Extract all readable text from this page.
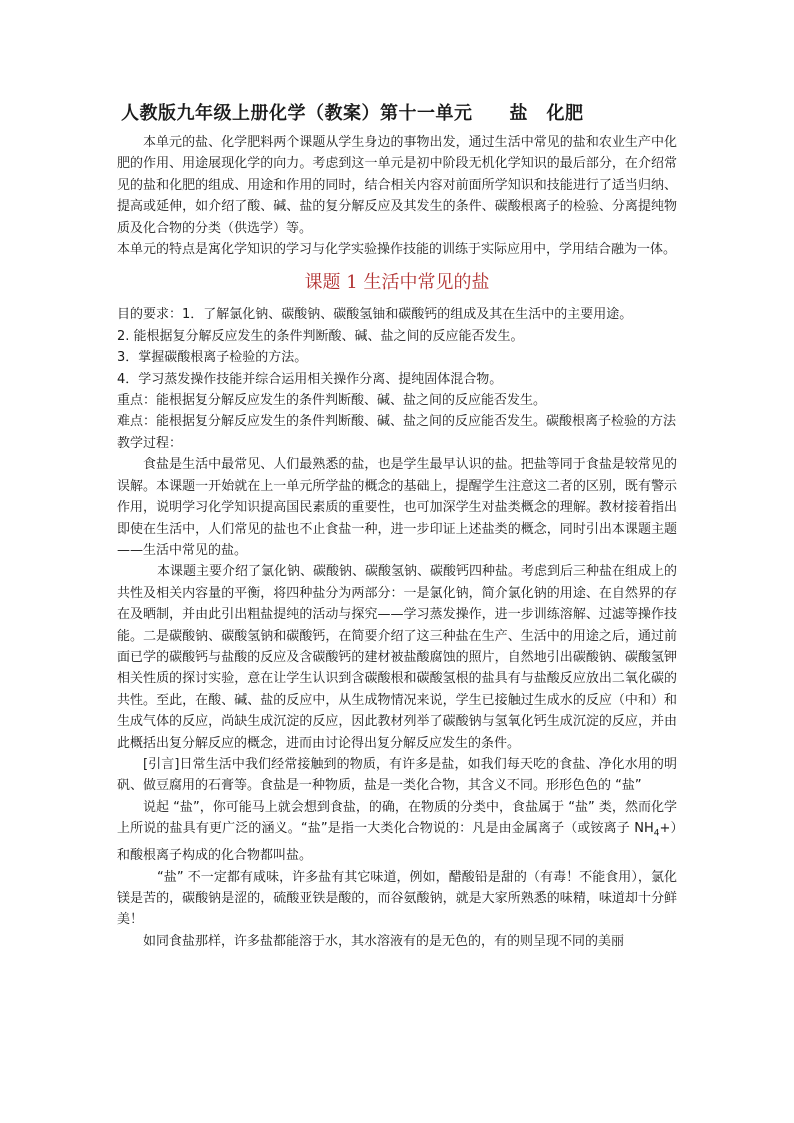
人教版九年级上册化学（教案）第十一单元　　盐　化肥

本单元的盐、化学肥料两个课题从学生身边的事物出发，通过生活中常见的盐和农业生产中化肥的作用、用途展现化学的向力。考虑到这一单元是初中阶段无机化学知识的最后部分，在介绍常见的盐和化肥的组成、用途和作用的同时，结合相关内容对前面所学知识和技能进行了适当归纳、提高或延伸，如介绍了酸、碱、盐的复分解反应及其发生的条件、碳酸根离子的检验、分离提纯物质及化合物的分类（供选学）等。

本单元的特点是寓化学知识的学习与化学实验操作技能的训练于实际应用中，学用结合融为一体。

课题 1 生活中常见的盐

目的要求：1．了解氯化钠、碳酸钠、碳酸氢铀和碳酸钙的组成及其在生活中的主要用途。

2. 能根据复分解反应发生的条件判断酸、碱、盐之间的反应能否发生。

3．掌握碳酸根离子检验的方法。

4．学习蒸发操作技能并综合运用相关操作分离、提纯固体混合物。

重点：能根据复分解反应发生的条件判断酸、碱、盐之间的反应能否发生。

难点：能根据复分解反应发生的条件判断酸、碱、盐之间的反应能否发生。碳酸根离子检验的方法

教学过程：

食盐是生活中最常见、人们最熟悉的盐，也是学生最早认识的盐。把盐等同于食盐是较常见的误解。本课题一开始就在上一单元所学盐的概念的基础上，提醒学生注意这二者的区别，既有警示作用，说明学习化学知识提高国民素质的重要性，也可加深学生对盐类概念的理解。教材接着指出即使在生活中，人们常见的盐也不止食盐一种，进一步印证上述盐类的概念，同时引出本课题主题——生活中常见的盐。

本课题主要介绍了氯化钠、碳酸钠、碳酸氢钠、碳酸钙四种盐。考虑到后三种盐在组成上的共性及相关内容量的平衡，将四种盐分为两部分：一是氯化钠，简介氯化钠的用途、在自然界的存在及晒制，并由此引出粗盐提纯的活动与探究——学习蒸发操作，进一步训练溶解、过滤等操作技能。二是碳酸钠、碳酸氢钠和碳酸钙，在简要介绍了这三种盐在生产、生活中的用途之后，通过前面已学的碳酸钙与盐酸的反应及含碳酸钙的建材被盐酸腐蚀的照片，自然地引出碳酸钠、碳酸氢钾相关性质的探讨实验，意在让学生认识到含碳酸根和碳酸氢根的盐具有与盐酸反应放出二氧化碳的共性。至此，在酸、碱、盐的反应中，从生成物情况来说，学生已接触过生成水的反应（中和）和生成气体的反应，尚缺生成沉淀的反应，因此教材列举了碳酸钠与氢氧化钙生成沉淀的反应，并由此概括出复分解反应的概念，进而由讨论得出复分解反应发生的条件。

[引言]日常生活中我们经常接触到的物质，有许多是盐，如我们每天吃的食盐、净化水用的明矾、做豆腐用的石膏等。食盐是一种物质，盐是一类化合物，其含义不同。形形色色的 “盐”

说起 “盐”，你可能马上就会想到食盐，的确，在物质的分类中，食盐属于 “盐” 类，然而化学上所说的盐具有更广泛的涵义。“盐”是指一大类化合物说的：凡是由金属离子（或铵离子 $NH_4+$）和酸根离子构成的化合物都叫盐。

“盐” 不一定都有咸味，许多盐有其它味道，例如，醋酸铅是甜的（有毒！不能食用），氯化镁是苦的，碳酸钠是涩的，硫酸亚铁是酸的，而谷氨酸钠，就是大家所熟悉的味精，味道却十分鲜美！

如同食盐那样，许多盐都能溶于水，其水溶液有的是无色的，有的则呈现不同的美丽
